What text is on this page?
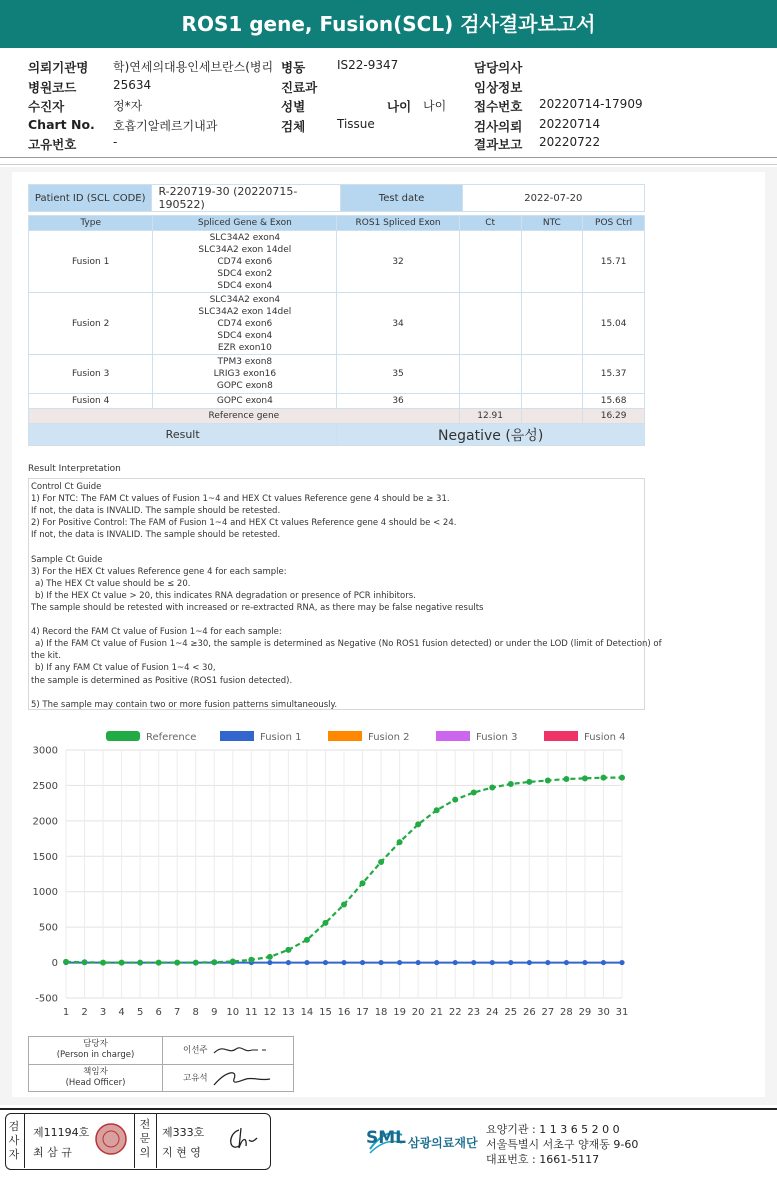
ROS1 gene, Fusion(SCL) 검사결과보고서
의뢰기관명 학)연세의대용인세브란스(병리
병원코드	25634
수진자	정*자
Chart No. 호흡기알레르기내과
고유번호	-
병동	IS22-9347
진료과
성별	나이 나이
검체	Tissue
담당의사
임상정보
접수번호 20220714-17909
검사의뢰 20220714
결과보고 20220722
Patient ID (SCL CODE)	R-220719-30 (20220715-190522)	Test date	2022-07-20
Type	Spliced Gene & Exon	ROS1 Spliced Exon	Ct	NTC	POS Ctrl
Fusion 1	SLC34A2 exon4
SLC34A2 exon 14del
CD74 exon6
SDC4 exon2
SDC4 exon4	32			15.71
Fusion 2	SLC34A2 exon4
SLC34A2 exon 14del
CD74 exon6
SDC4 exon4
EZR exon10	34			15.04
Fusion 3	TPM3 exon8
LRIG3 exon16
GOPC exon8	35			15.37
Fusion 4	GOPC exon4	36			15.68
Reference gene			12.91		16.29
Result		Negative (음성)			
Result Interpretation
Control Ct Guide
1) For NTC: The FAM Ct values of Fusion 1~4 and HEX Ct values Reference gene 4 should be ≥ 31.
If not, the data is INVALID. The sample should be retested.
2) For Positive Control: The FAM of Fusion 1~4 and HEX Ct values Reference gene 4 should be < 24.
If not, the data is INVALID. The sample should be retested.
Sample Ct Guide
3) For the HEX Ct values Reference gene 4 for each sample:
a) The HEX Ct value should be ≤ 20.
b) If the HEX Ct value > 20, this indicates RNA degradation or presence of PCR inhibitors.
The sample should be retested with increased or re-extracted RNA, as there may be false negative results
4) Record the FAM Ct value of Fusion 1~4 for each sample:
a) If the FAM Ct value of Fusion 1~4 ≥30, the sample is determined as Negative (No ROS1 fusion detected) or under the LOD (limit of Detection) of
the kit.
b) If any FAM Ct value of Fusion 1~4 < 30,
the sample is determined as Positive (ROS1 fusion detected).
5) The sample may contain two or more fusion patterns simultaneously.
3000
2500
2000
1500
1000
500
0
-500
1 2 3 4 5 6 7 8 9 10 11 12 13 14 15 16 17 18 19 20 21 22 23 24 25 26 27 28 29 30 31
Reference	Fusion 1	Fusion 2	Fusion 3	Fusion 4
담당자
(Person in charge)	이선주

책임자
(Head Officer)	고유석
검사자
제11194호
최 삼 규
전문의
제333호
지 현 영
SML 삼광의료재단
요양기관 : 1 1 3 6 5 2 0 0
서울특별시 서초구 양재동 9-60
대표번호 : 1661-5117
